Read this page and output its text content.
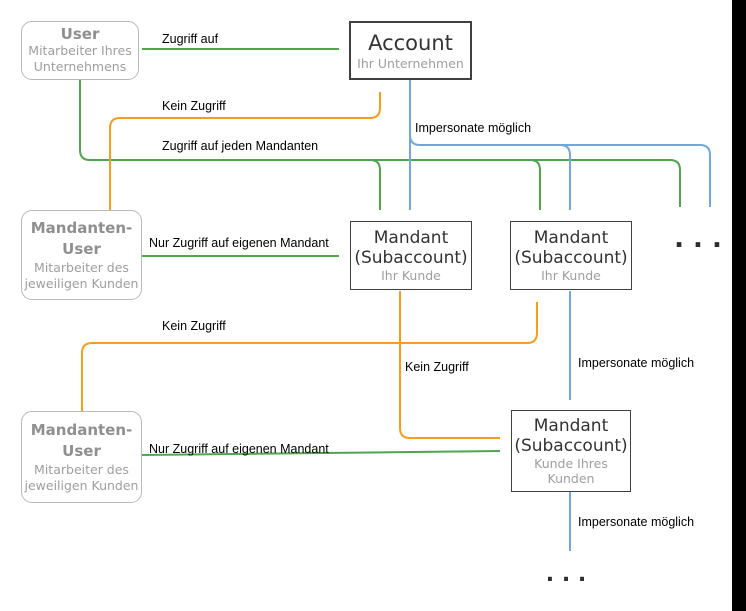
User
Mitarbeiter Ihres
Unternehmens
Account
Ihr Unternehmen
Mandant
(Subaccount)
Ihr Kunde
Mandant
(Subaccount)
Ihr Kunde
Mandant
(Subaccount)
Kunde Ihres
Kunden
Mandanten-
User
Mitarbeiter des
jeweiligen Kunden
Mandanten-
User
Mitarbeiter des
jeweiligen Kunden
Zugriff auf
Kein Zugriff
Impersonate möglich
Zugriff auf jeden Mandanten
Nur Zugriff auf eigenen Mandant
Kein Zugriff
Impersonate möglich
Kein Zugriff
Nur Zugriff auf eigenen Mandant
Impersonate möglich
. . .
. . .
